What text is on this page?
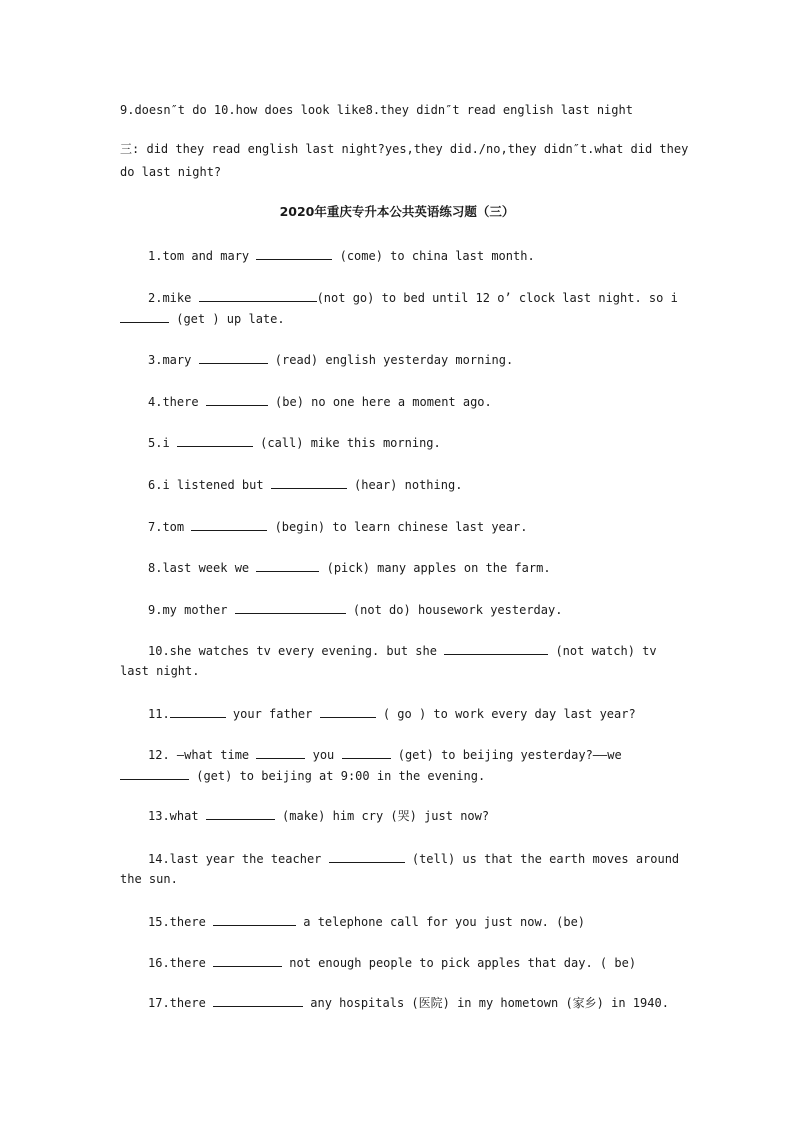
9.doesn″t do 10.how does look like8.they didn″t read english last night
三: did they read english last night?yes,they did./no,they didn″t.what did they
do last night?
2020年重庆专升本公共英语练习题（三）
1.tom and mary	(come) to china last month.
2.mike	(not go) to bed until 12 o’ clock last night. so i
(get ) up late.
3.mary	(read) english yesterday morning.
4.there	(be) no one here a moment ago.
5.i	(call) mike this morning.
6.i listened but	(hear) nothing.
7.tom	(begin) to learn chinese last year.
8.last week we	(pick) many apples on the farm.
9.my mother	(not do) housework yesterday.
10.she watches tv every evening. but she	(not watch) tv
last night.
11.	your father	( go ) to work every day last year?
12. —what time	you	(get) to beijing yesterday?——we
(get) to beijing at 9:00 in the evening.
13.what	(make) him cry (哭) just now?
14.last year the teacher	(tell) us that the earth moves around
the sun.
15.there	a telephone call for you just now. (be)
16.there	not enough people to pick apples that day. ( be)
17.there	any hospitals (医院) in my hometown (家乡) in 1940.
